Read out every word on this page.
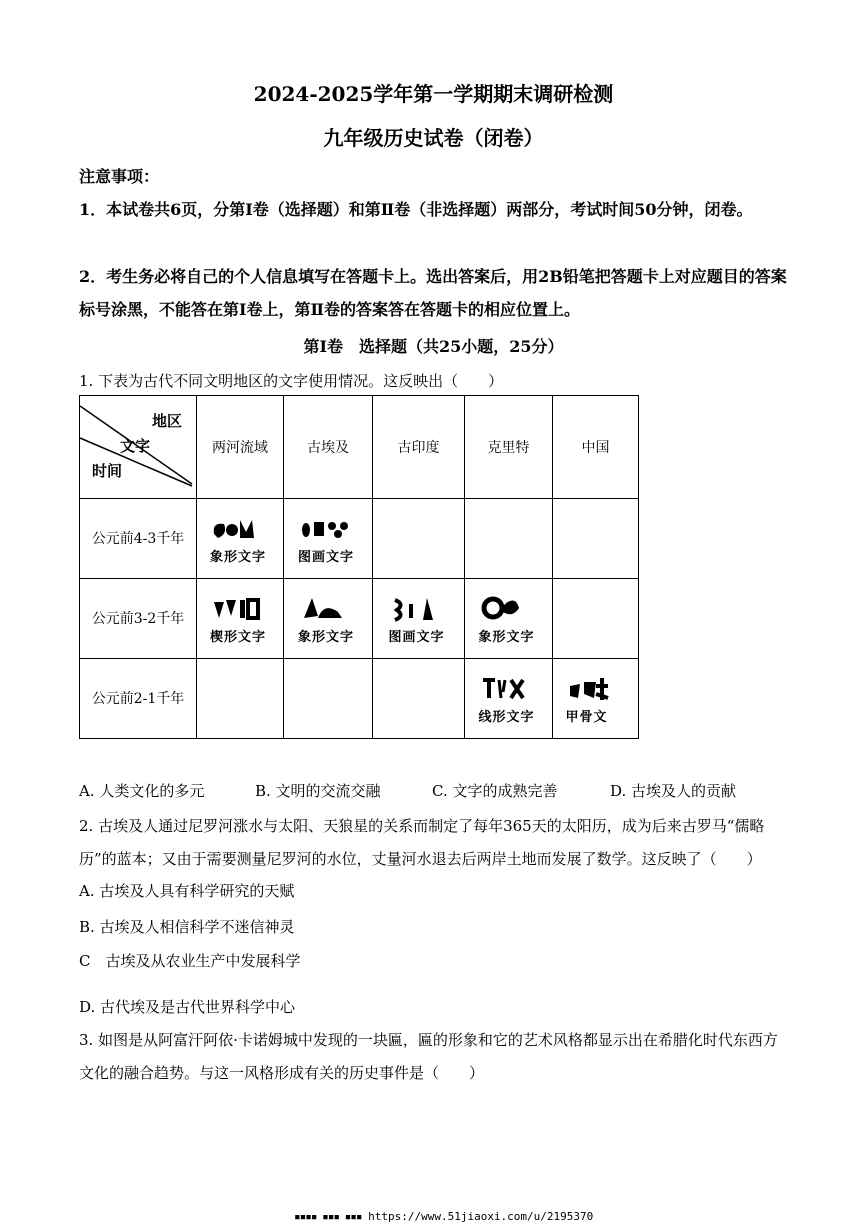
2024-2025学年第一学期期末调研检测
九年级历史试卷（闭卷）
注意事项：
1．本试卷共6页，分第Ⅰ卷（选择题）和第Ⅱ卷（非选择题）两部分，考试时间50分钟，闭卷。
2．考生务必将自己的个人信息填写在答题卡上。选出答案后，用2B铅笔把答题卡上对应题目的答案标号涂黑，不能答在第Ⅰ卷上，第Ⅱ卷的答案答在答题卡的相应位置上。
第Ⅰ卷　选择题（共25小题，25分）
1. 下表为古代不同文明地区的文字使用情况。这反映出（　　）
地区
文字
时间	两河流域	古埃及	古印度	克里特	中国

公元前4-3千年	象形文字	图画文字			

公元前3-2千年	楔形文字	象形文字	图画文字	象形文字	

公元前2-1千年				线形文字	甲骨文
A. 人类文化的多元	B. 文明的交流交融	C. 文字的成熟完善	D. 古埃及人的贡献
2. 古埃及人通过尼罗河涨水与太阳、天狼星的关系而制定了每年365天的太阳历，成为后来古罗马“儒略历”的蓝本；又由于需要测量尼罗河的水位，丈量河水退去后两岸土地而发展了数学。这反映了（　　）
A. 古埃及人具有科学研究的天赋
B. 古埃及人相信科学不迷信神灵
C　古埃及从农业生产中发展科学
D. 古代埃及是古代世界科学中心
3. 如图是从阿富汗阿依·卡诺姆城中发现的一块匾，匾的形象和它的艺术风格都显示出在希腊化时代东西方文化的融合趋势。与这一风格形成有关的历史事件是（　　）
▪▪▪▪ ▪▪▪ ▪▪▪ https://www.51jiaoxi.com/u/2195370
